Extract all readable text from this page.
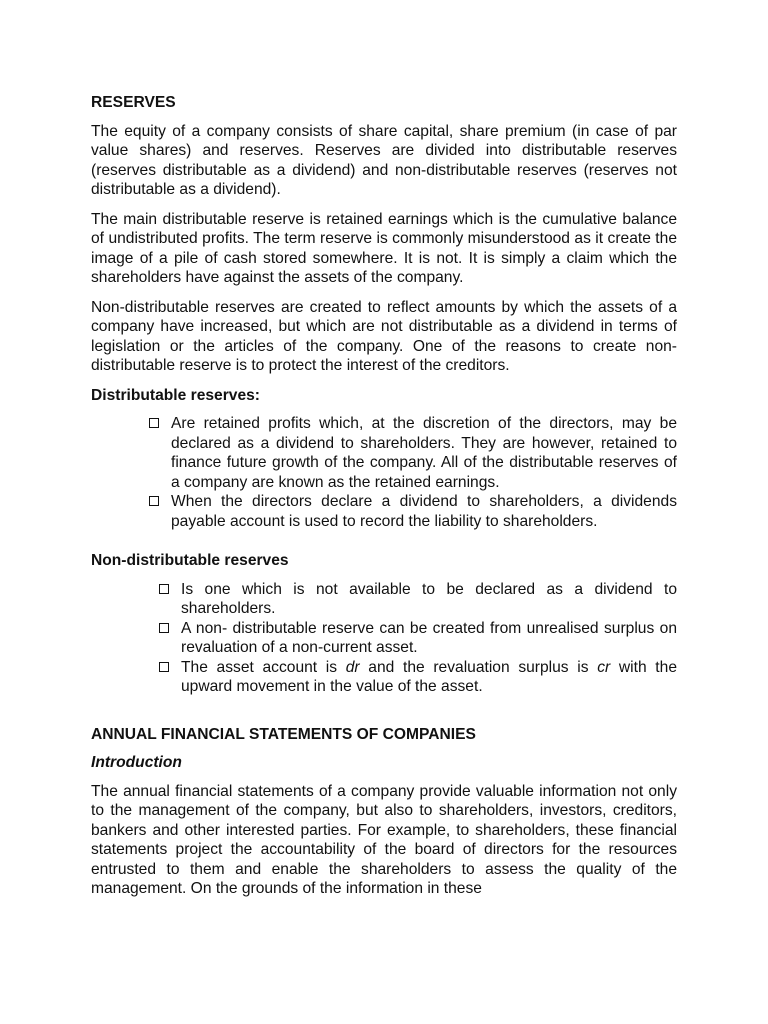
RESERVES

The equity of a company consists of share capital, share premium (in case of par value shares) and reserves. Reserves are divided into distributable reserves (reserves distributable as a dividend) and non-distributable reserves (reserves not distributable as a dividend).

The main distributable reserve is retained earnings which is the cumulative balance of undistributed profits. The term reserve is commonly misunderstood as it create the image of a pile of cash stored somewhere. It is not. It is simply a claim which the shareholders have against the assets of the company.

Non-distributable reserves are created to reflect amounts by which the assets of a company have increased, but which are not distributable as a dividend in terms of legislation or the articles of the company. One of the reasons to create non-distributable reserve is to protect the interest of the creditors.

Distributable reserves:
Are retained profits which, at the discretion of the directors, may be declared as a dividend to shareholders. They are however, retained to finance future growth of the company. All of the distributable reserves of a company are known as the retained earnings.
When the directors declare a dividend to shareholders, a dividends payable account is used to record the liability to shareholders.
Non-distributable reserves
Is one which is not available to be declared as a dividend to shareholders.
A non- distributable reserve can be created from unrealised surplus on revaluation of a non-current asset.
The asset account is dr and the revaluation surplus is cr with the upward movement in the value of the asset.
ANNUAL FINANCIAL STATEMENTS OF COMPANIES
Introduction

The annual financial statements of a company provide valuable information not only to the management of the company, but also to shareholders, investors, creditors, bankers and other interested parties. For example, to shareholders, these financial statements project the accountability of the board of directors for the resources entrusted to them and enable the shareholders to assess the quality of the management. On the grounds of the information in these
